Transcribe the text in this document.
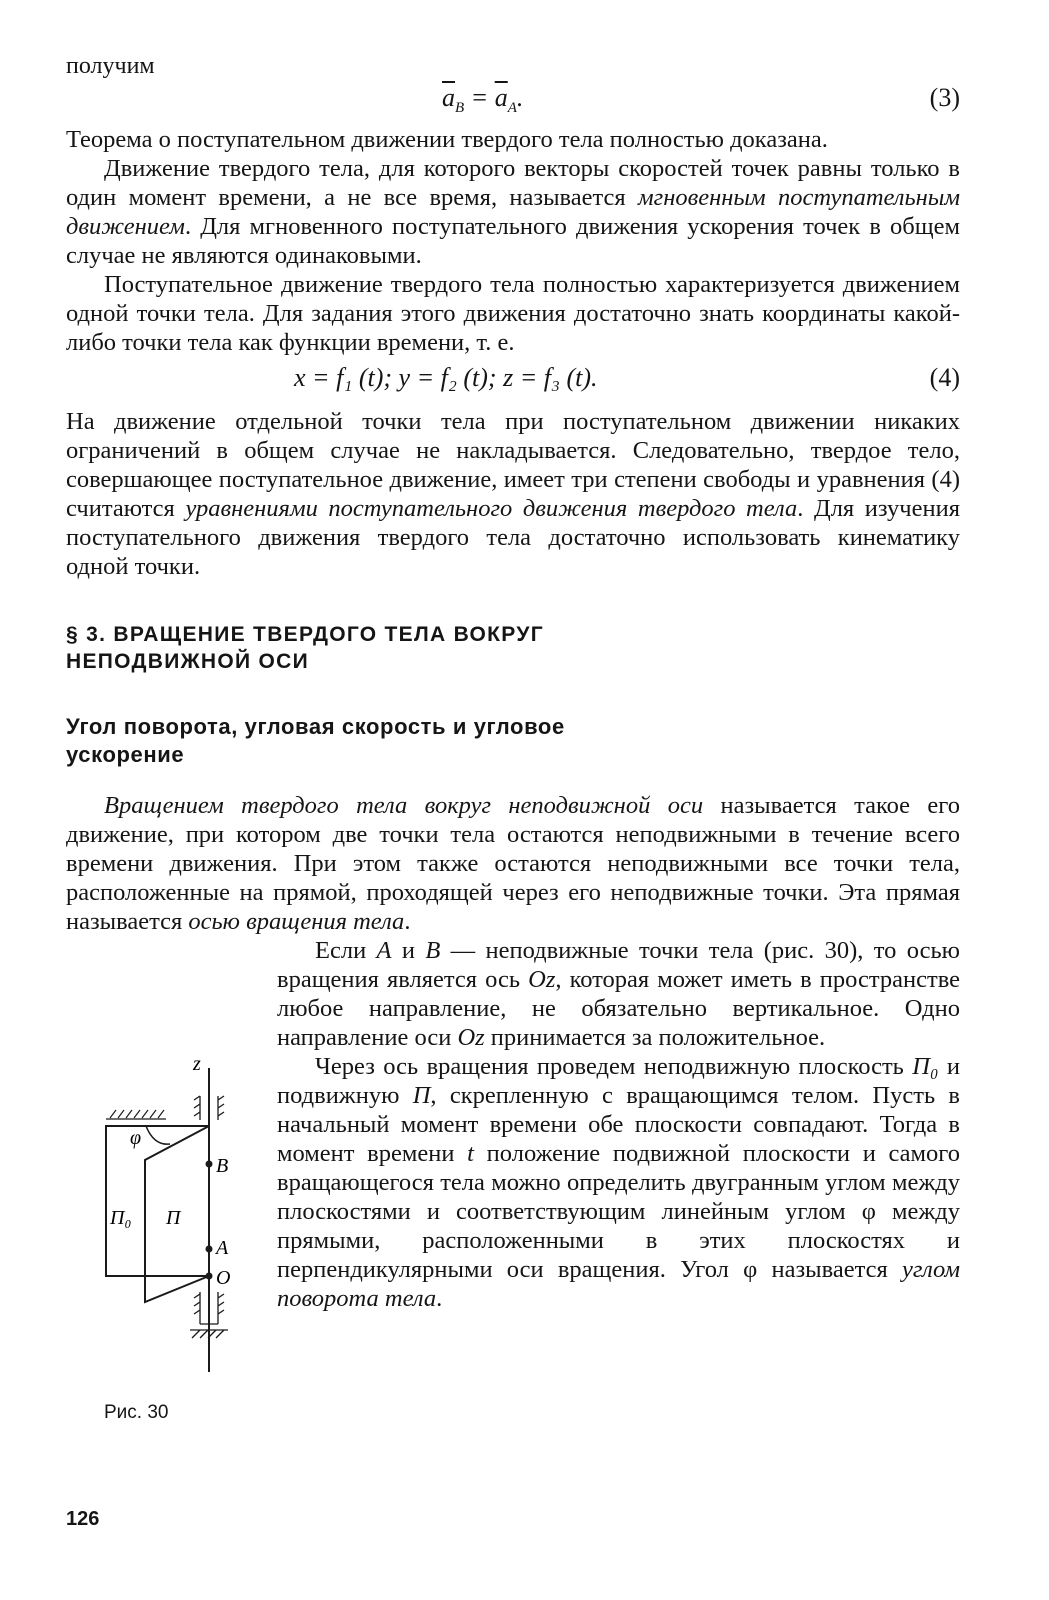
получим

$\overline{a}_B = \overline{a}_A$.	(3)

Теорема о поступательном движении твердого тела полностью доказана.

Движение твердого тела, для которого векторы скоростей точек равны только в один момент времени, а не все время, называется мгновенным поступательным движением. Для мгновенного поступательного движения ускорения точек в общем случае не являются одинаковыми.

Поступательное движение твердого тела полностью характеризуется движением одной точки тела. Для задания этого движения достаточно знать координаты какой-либо точки тела как функции времени, т. е.

x = f₁ (t); y = f₂ (t); z = f₃ (t).	(4)

На движение отдельной точки тела при поступательном движении никаких ограничений в общем случае не накладывается. Следовательно, твердое тело, совершающее поступательное движение, имеет три степени свободы и уравнения (4) считаются уравнениями поступательного движения твердого тела. Для изучения поступательного движения твердого тела достаточно использовать кинематику одной точки.

§ 3. ВРАЩЕНИЕ ТВЕРДОГО ТЕЛА ВОКРУГ
НЕПОДВИЖНОЙ ОСИ
Угол поворота, угловая скорость и угловое
ускорение

Вращением твердого тела вокруг неподвижной оси называется такое его движение, при котором две точки тела остаются неподвижными в течение всего времени движения. При этом также остаются неподвижными все точки тела, расположенные на прямой, проходящей через его неподвижные точки. Эта прямая называется осью вращения тела.

z
φ
B
П₀ П
A
O
Рис. 30

Если A и B — неподвижные точки тела (рис. 30), то осью вращения является ось Oz, которая может иметь в пространстве любое направление, не обязательно вертикальное. Одно направление оси Oz принимается за положительное.

Через ось вращения проведем неподвижную плоскость П₀ и подвижную П, скрепленную с вращающимся телом. Пусть в начальный момент времени обе плоскости совпадают. Тогда в момент времени t положение подвижной плоскости и самого вращающегося тела можно определить двугранным углом между плоскостями и соответствующим линейным углом φ между прямыми, расположенными в этих плоскостях и перпендикулярными оси вращения. Угол φ называется углом поворота тела.

126
